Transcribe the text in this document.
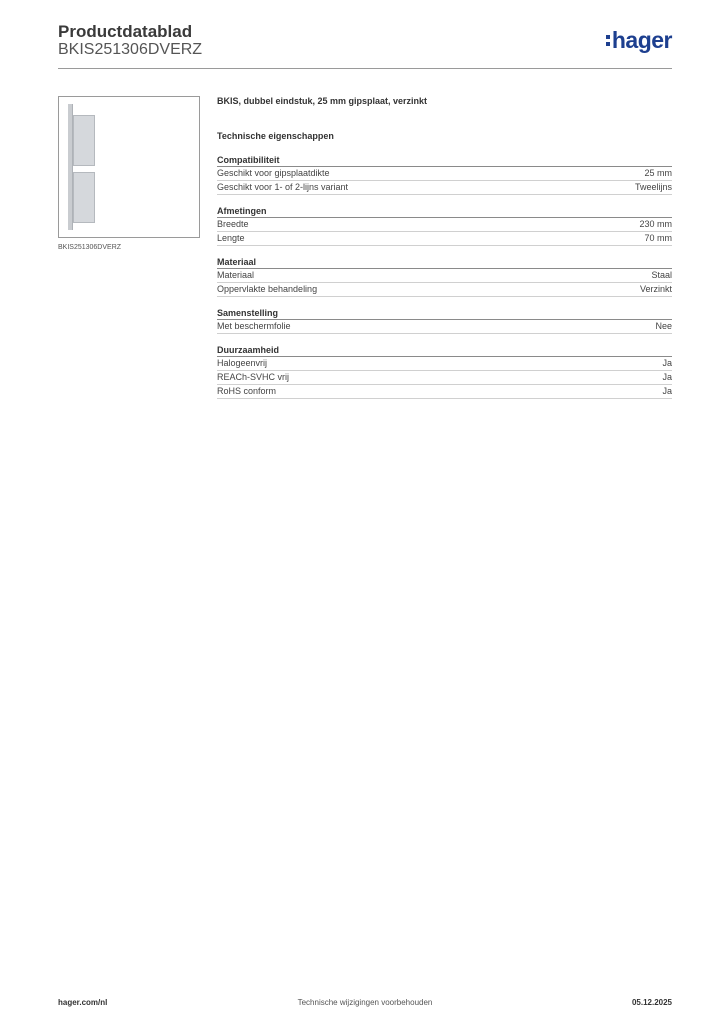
Productdatablad
BKIS251306DVERZ	hager
BKIS251306DVERZ
BKIS, dubbel eindstuk, 25 mm gipsplaat, verzinkt
Technische eigenschappen
Compatibiliteit
Geschikt voor gipsplaatdikte	25 mm
Geschikt voor 1- of 2-lijns variant	Tweelijns
Afmetingen
Breedte	230 mm
Lengte	70 mm
Materiaal
Materiaal	Staal
Oppervlakte behandeling	Verzinkt
Samenstelling
Met beschermfolie	Nee
Duurzaamheid
Halogeenvrij	Ja
REACh-SVHC vrij	Ja
RoHS conform	Ja
hager.com/nl	Technische wijzigingen voorbehouden	05.12.2025
